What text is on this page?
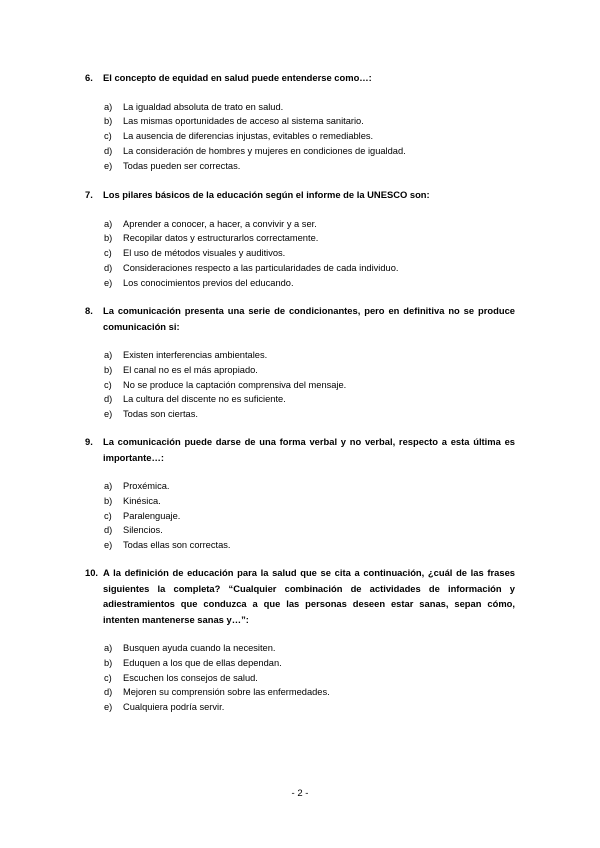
6.	El concepto de equidad en salud puede entenderse como…:
a)	La igualdad absoluta de trato en salud.
b)	Las mismas oportunidades de acceso al sistema sanitario.
c)	La ausencia de diferencias injustas, evitables o remediables.
d)	La consideración de hombres y mujeres en condiciones de igualdad.
e)	Todas pueden ser correctas.
7.	Los pilares básicos de la educación según el informe de la UNESCO son:
a)	Aprender a conocer, a hacer, a convivir y a ser.
b)	Recopilar datos y estructurarlos correctamente.
c)	El uso de métodos visuales y auditivos.
d)	Consideraciones respecto a las particularidades de cada individuo.
e)	Los conocimientos previos del educando.
8.	La comunicación presenta una serie de condicionantes, pero en definitiva no se produce comunicación si:
a)	Existen interferencias ambientales.
b)	El canal no es el más apropiado.
c)	No se produce la captación comprensiva del mensaje.
d)	La cultura del discente no es suficiente.
e)	Todas son ciertas.
9.	La comunicación puede darse de una forma verbal y no verbal, respecto a esta última es importante…:
a)	Proxémica.
b)	Kinésica.
c)	Paralenguaje.
d)	Silencios.
e)	Todas ellas son correctas.
10. A la definición de educación para la salud que se cita a continuación, ¿cuál de las frases siguientes la completa? “Cualquier combinación de actividades de información y adiestramientos que conduzca a que las personas deseen estar sanas, sepan cómo, intenten mantenerse sanas y…”:
a)	Busquen ayuda cuando la necesiten.
b)	Eduquen a los que de ellas dependan.
c)	Escuchen los consejos de salud.
d)	Mejoren su comprensión sobre las enfermedades.
e)	Cualquiera podría servir.
- 2 -
